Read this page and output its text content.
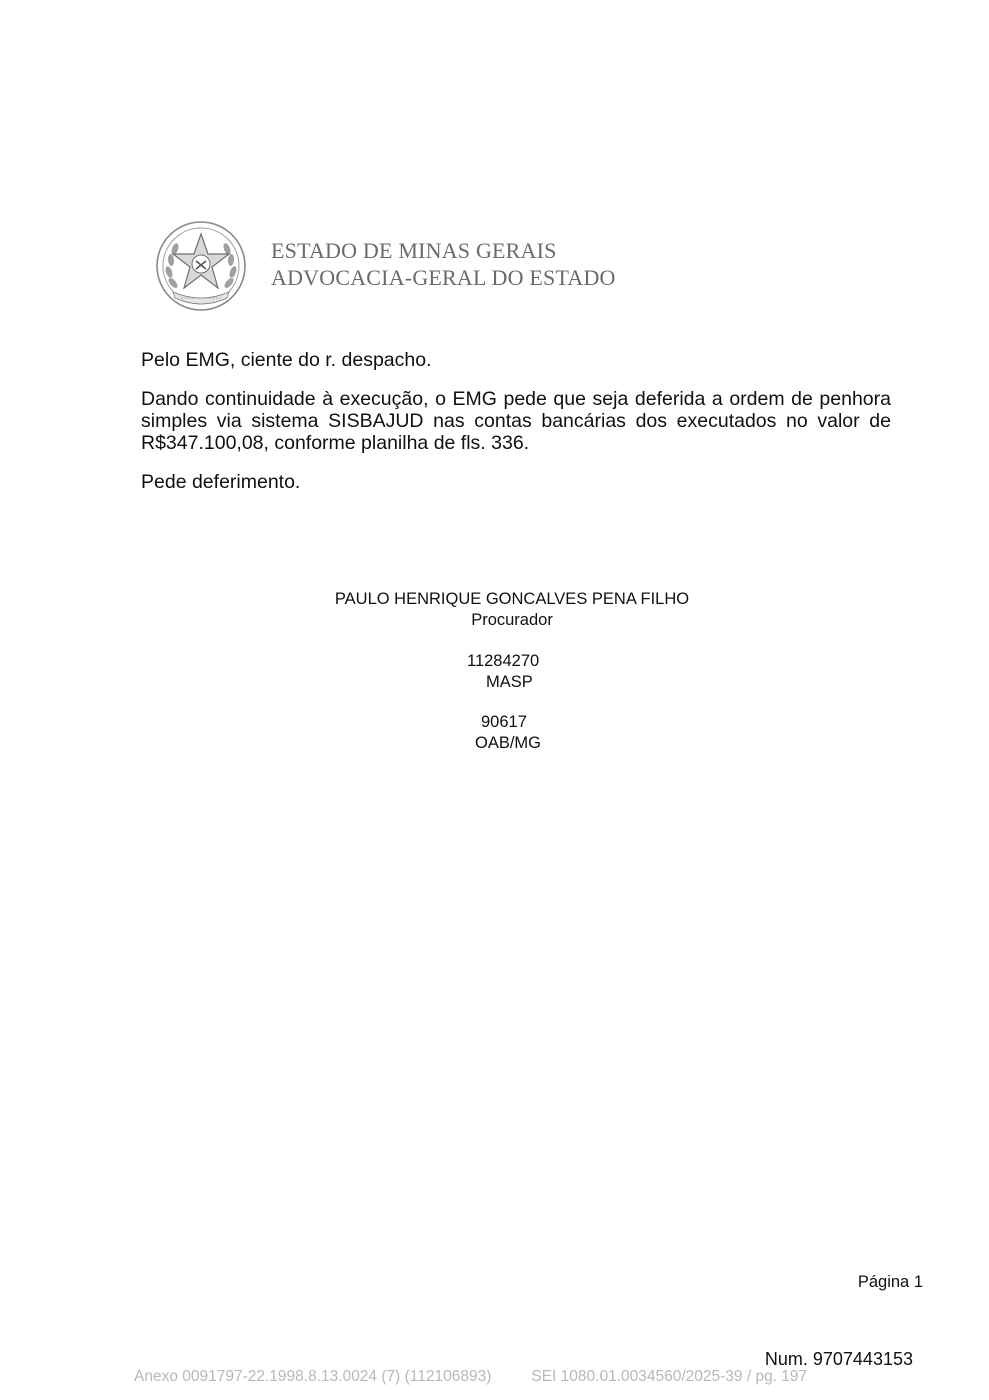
ESTADO DE MINAS GERAIS
ADVOCACIA-GERAL DO ESTADO

Pelo EMG, ciente do r. despacho.

Dando continuidade à execução, o EMG pede que seja deferida a ordem de penhora simples via sistema SISBAJUD nas contas bancárias dos executados no valor de R$347.100,08, conforme planilha de fls. 336.

Pede deferimento.

PAULO HENRIQUE GONCALVES PENA FILHO
Procurador
11284270
MASP
90617
OAB/MG
Página 1
Num. 9707443153
Anexo 0091797-22.1998.8.13.0024 (7) (112106893)	SEI 1080.01.0034560/2025-39 / pg. 197
